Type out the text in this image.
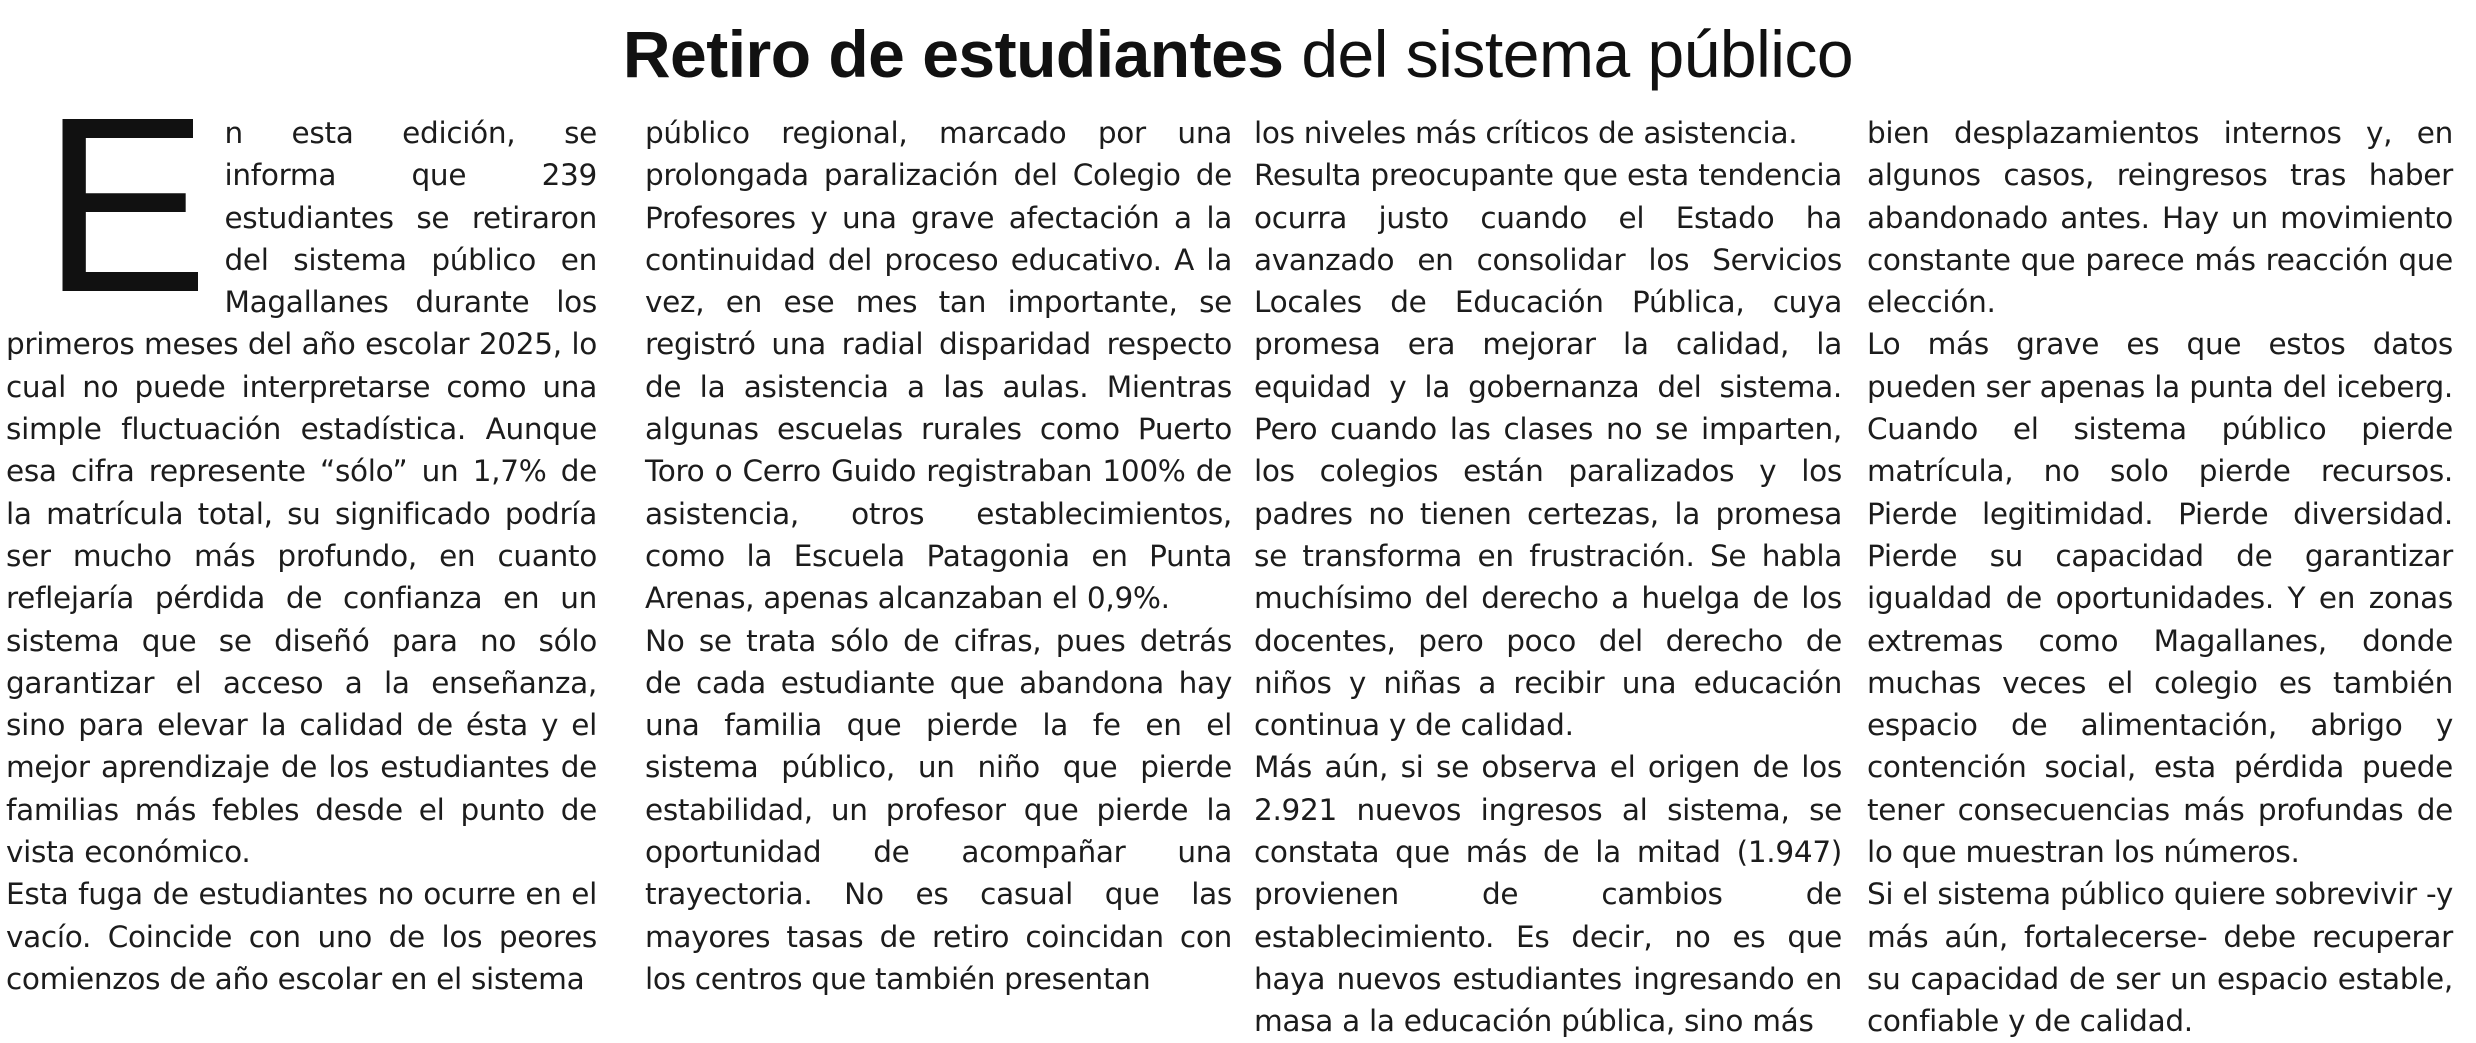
Retiro de estudiantes del sistema público
E n esta edición, se informa que 239 estudiantes se retiraron del sistema público en Magallanes durante los primeros meses del año escolar 2025, lo cual no puede interpretarse como una simple fluctuación estadística. Aunque esa cifra represente “sólo” un 1,7% de la matrícula total, su significado podría ser mucho más profundo, en cuanto reflejaría pérdida de confianza en un sistema que se diseñó para no sólo garantizar el acceso a la enseñanza, sino para elevar la calidad de ésta y el mejor aprendizaje de los estudiantes de familias más febles desde el punto de vista económico.

Esta fuga de estudiantes no ocurre en el vacío. Coincide con uno de los peores comienzos de año escolar en el sistema

público regional, marcado por una prolongada paralización del Colegio de Profesores y una grave afectación a la continuidad del proceso educativo. A la vez, en ese mes tan importante, se registró una radial disparidad respecto de la asistencia a las aulas. Mientras algunas escuelas rurales como Puerto Toro o Cerro Guido registraban 100% de asistencia, otros establecimientos, como la Escuela Patagonia en Punta Arenas, apenas alcanzaban el 0,9%.

No se trata sólo de cifras, pues detrás de cada estudiante que abandona hay una familia que pierde la fe en el sistema público, un niño que pierde estabilidad, un profesor que pierde la oportunidad de acompañar una trayectoria. No es casual que las mayores tasas de retiro coincidan con los centros que también presentan

los niveles más críticos de asistencia.

Resulta preocupante que esta tendencia ocurra justo cuando el Estado ha avanzado en consolidar los Servicios Locales de Educación Pública, cuya promesa era mejorar la calidad, la equidad y la gobernanza del sistema. Pero cuando las clases no se imparten, los colegios están paralizados y los padres no tienen certezas, la promesa se transforma en frustración. Se habla muchísimo del derecho a huelga de los docentes, pero poco del derecho de niños y niñas a recibir una educación continua y de calidad.

Más aún, si se observa el origen de los 2.921 nuevos ingresos al sistema, se constata que más de la mitad (1.947) provienen de cambios de establecimiento. Es decir, no es que haya nuevos estudiantes ingresando en masa a la educación pública, sino más

bien desplazamientos internos y, en algunos casos, reingresos tras haber abandonado antes. Hay un movimiento constante que parece más reacción que elección.

Lo más grave es que estos datos pueden ser apenas la punta del iceberg. Cuando el sistema público pierde matrícula, no solo pierde recursos. Pierde legitimidad. Pierde diversidad. Pierde su capacidad de garantizar igualdad de oportunidades. Y en zonas extremas como Magallanes, donde muchas veces el colegio es también espacio de alimentación, abrigo y contención social, esta pérdida puede tener consecuencias más profundas de lo que muestran los números.

Si el sistema público quiere sobrevivir -y más aún, fortalecerse- debe recuperar su capacidad de ser un espacio estable, confiable y de calidad.
